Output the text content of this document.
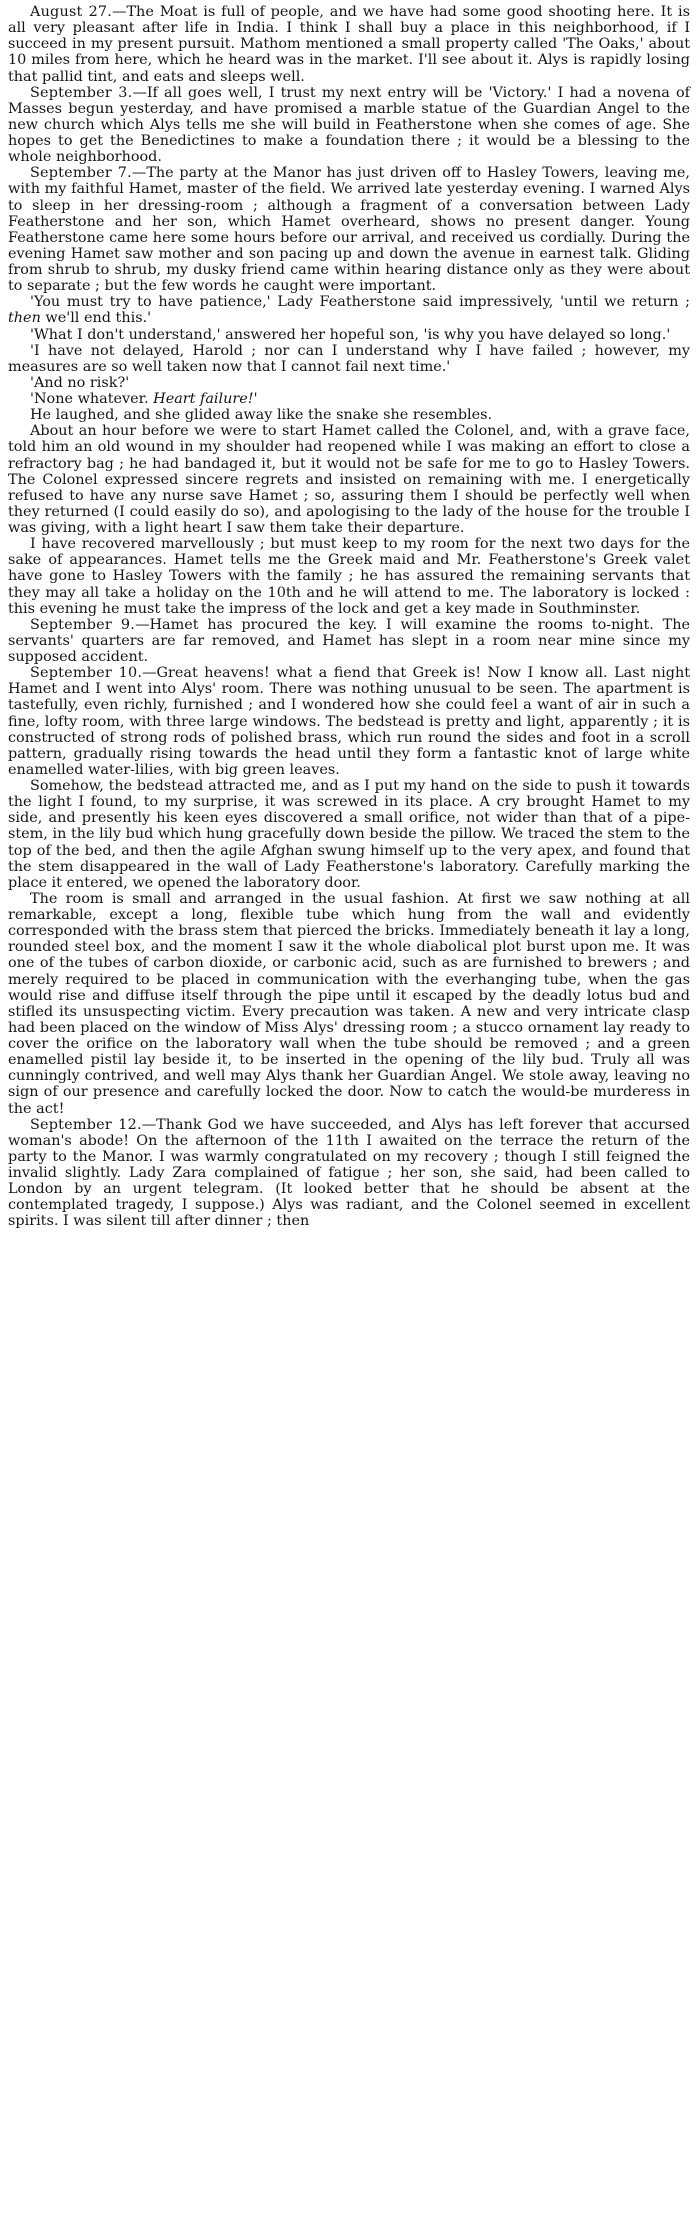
August 27.—The Moat is full of people, and we have had some good shooting here. It is all very pleasant after life in India. I think I shall buy a place in this neighborhood, if I succeed in my present pursuit. Mathom mentioned a small property called 'The Oaks,' about 10 miles from here, which he heard was in the market. I'll see about it. Alys is rapidly losing that pallid tint, and eats and sleeps well.

September 3.—If all goes well, I trust my next entry will be 'Victory.' I had a novena of Masses begun yesterday, and have promised a marble statue of the Guardian Angel to the new church which Alys tells me she will build in Featherstone when she comes of age. She hopes to get the Benedictines to make a foundation there ; it would be a blessing to the whole neighborhood.

September 7.—The party at the Manor has just driven off to Hasley Towers, leaving me, with my faithful Hamet, master of the field. We arrived late yesterday evening. I warned Alys to sleep in her dressing-room ; although a fragment of a conversation between Lady Featherstone and her son, which Hamet overheard, shows no present danger. Young Featherstone came here some hours before our arrival, and received us cordially. During the evening Hamet saw mother and son pacing up and down the avenue in earnest talk. Gliding from shrub to shrub, my dusky friend came within hearing distance only as they were about to separate ; but the few words he caught were important.

'You must try to have patience,' Lady Featherstone said impressively, 'until we return ; then we'll end this.'

'What I don't understand,' answered her hopeful son, 'is why you have delayed so long.'

'I have not delayed, Harold ; nor can I understand why I have failed ; however, my measures are so well taken now that I cannot fail next time.'

'And no risk?'

'None whatever. Heart failure!'

He laughed, and she glided away like the snake she resembles.

About an hour before we were to start Hamet called the Colonel, and, with a grave face, told him an old wound in my shoulder had reopened while I was making an effort to close a refractory bag ; he had bandaged it, but it would not be safe for me to go to Hasley Towers. The Colonel expressed sincere regrets and insisted on remaining with me. I energetically refused to have any nurse save Hamet ; so, assuring them I should be perfectly well when they returned (I could easily do so), and apologising to the lady of the house for the trouble I was giving, with a light heart I saw them take their departure.

I have recovered marvellously ; but must keep to my room for the next two days for the sake of appearances. Hamet tells me the Greek maid and Mr. Featherstone's Greek valet have gone to Hasley Towers with the family ; he has assured the remaining servants that they may all take a holiday on the 10th and he will attend to me. The laboratory is locked : this evening he must take the impress of the lock and get a key made in Southminster.

September 9.—Hamet has procured the key. I will examine the rooms to-night. The servants' quarters are far removed, and Hamet has slept in a room near mine since my supposed accident.

September 10.—Great heavens! what a fiend that Greek is! Now I know all. Last night Hamet and I went into Alys' room. There was nothing unusual to be seen. The apartment is tastefully, even richly, furnished ; and I wondered how she could feel a want of air in such a fine, lofty room, with three large windows. The bedstead is pretty and light, apparently ; it is constructed of strong rods of polished brass, which run round the sides and foot in a scroll pattern, gradually rising towards the head until they form a fantastic knot of large white enamelled water-lilies, with big green leaves.

Somehow, the bedstead attracted me, and as I put my hand on the side to push it towards the light I found, to my surprise, it was screwed in its place. A cry brought Hamet to my side, and presently his keen eyes discovered a small orifice, not wider than that of a pipe-stem, in the lily bud which hung gracefully down beside the pillow. We traced the stem to the top of the bed, and then the agile Afghan swung himself up to the very apex, and found that the stem disappeared in the wall of Lady Featherstone's laboratory. Carefully marking the place it entered, we opened the laboratory door.

The room is small and arranged in the usual fashion. At first we saw nothing at all remarkable, except a long, flexible tube which hung from the wall and evidently corresponded with the brass stem that pierced the bricks. Immediately beneath it lay a long, rounded steel box, and the moment I saw it the whole diabolical plot burst upon me. It was one of the tubes of carbon dioxide, or carbonic acid, such as are furnished to brewers ; and merely required to be placed in communication with the everhanging tube, when the gas would rise and diffuse itself through the pipe until it escaped by the deadly lotus bud and stifled its unsuspecting victim. Every precaution was taken. A new and very intricate clasp had been placed on the window of Miss Alys' dressing room ; a stucco ornament lay ready to cover the orifice on the laboratory wall when the tube should be removed ; and a green enamelled pistil lay beside it, to be inserted in the opening of the lily bud. Truly all was cunningly contrived, and well may Alys thank her Guardian Angel. We stole away, leaving no sign of our presence and carefully locked the door. Now to catch the would-be murderess in the act!

September 12.—Thank God we have succeeded, and Alys has left forever that accursed woman's abode! On the afternoon of the 11th I awaited on the terrace the return of the party to the Manor. I was warmly congratulated on my recovery ; though I still feigned the invalid slightly. Lady Zara complained of fatigue ; her son, she said, had been called to London by an urgent telegram. (It looked better that he should be absent at the contemplated tragedy, I suppose.) Alys was radiant, and the Colonel seemed in excellent spirits. I was silent till after dinner ; then
